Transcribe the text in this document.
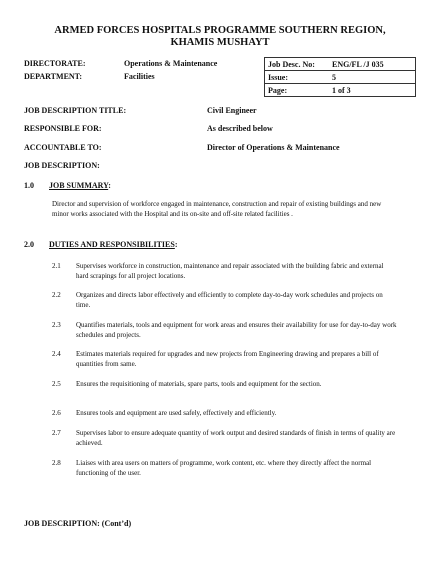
ARMED FORCES HOSPITALS PROGRAMME SOUTHERN REGION,
KHAMIS MUSHAYT
DIRECTORATE:	Operations & Maintenance
DEPARTMENT:	Facilities
Job Desc. No:	ENG/FL /J 035
Issue:	5
Page:	1 of 3
JOB DESCRIPTION TITLE:	Civil Engineer
RESPONSIBLE FOR:	As described below
ACCOUNTABLE TO:	Director of Operations & Maintenance
JOB DESCRIPTION:
1.0 JOB SUMMARY:
Director and supervision of workforce engaged in maintenance, construction and repair of existing buildings and new minor works associated with the Hospital and its on-site and off-site related facilities .
2.0 DUTIES AND RESPONSIBILITIES:
2.1	Supervises workforce in construction, maintenance and repair associated with the building fabric and external hard scrapings for all project locations.
2.2	Organizes and directs labor effectively and efficiently to complete day-to-day work schedules and projects on time.
2.3	Quantifies materials, tools and equipment for work areas and ensures their availability for use for day-to-day work schedules and projects.
2.4	Estimates materials required for upgrades and new projects from Engineering drawing and prepares a bill of quantities from same.
2.5	Ensures the requisitioning of materials, spare parts, tools and equipment for the section.
2.6	Ensures tools and equipment are used safely, effectively and efficiently.
2.7	Supervises labor to ensure adequate quantity of work output and desired standards of finish in terms of quality are achieved.
2.8	Liaises with area users on matters of programme, work content, etc. where they directly affect the normal functioning of the user.
JOB DESCRIPTION: (Cont’d)
